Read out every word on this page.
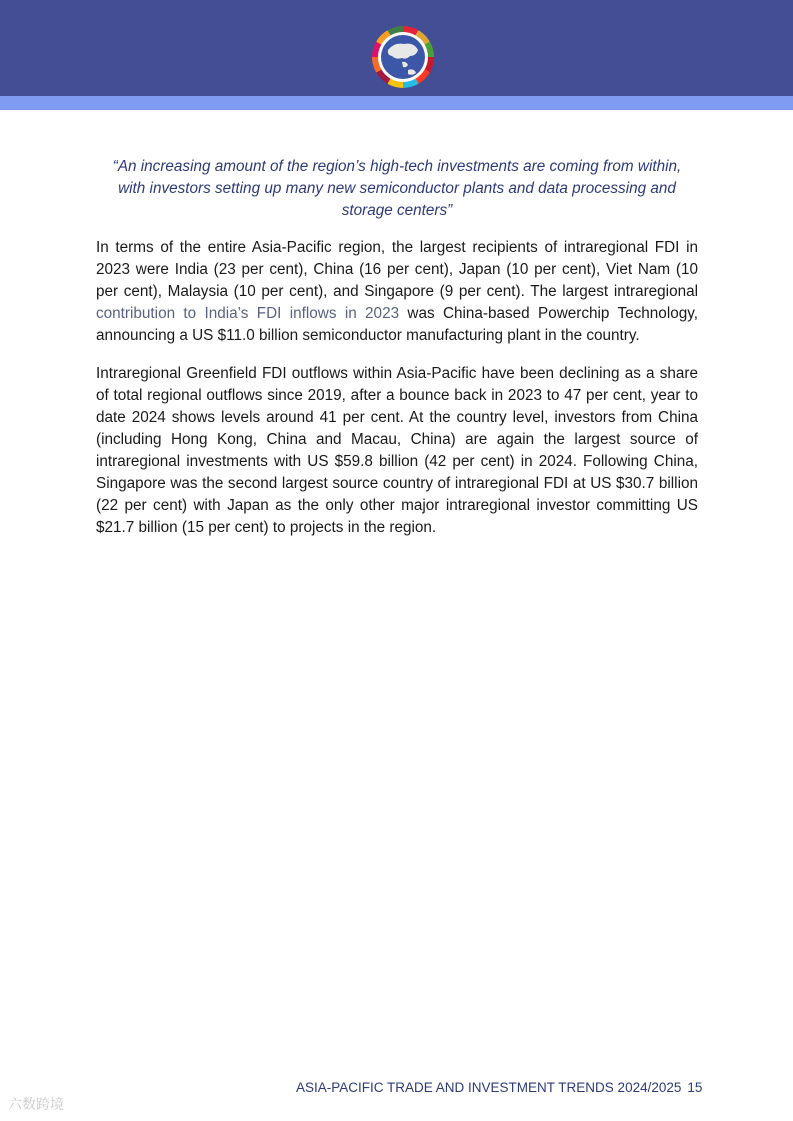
“An increasing amount of the region’s high-tech investments are coming from within, with investors setting up many new semiconductor plants and data processing and storage centers”
In terms of the entire Asia-Pacific region, the largest recipients of intraregional FDI in 2023 were India (23 per cent), China (16 per cent), Japan (10 per cent), Viet Nam (10 per cent), Malaysia (10 per cent), and Singapore (9 per cent). The largest intraregional contribution to India’s FDI inflows in 2023 was China-based Powerchip Technology, announcing a US $11.0 billion semiconductor manufacturing plant in the country.
Intraregional Greenfield FDI outflows within Asia-Pacific have been declining as a share of total regional outflows since 2019, after a bounce back in 2023 to 47 per cent, year to date 2024 shows levels around 41 per cent. At the country level, investors from China (including Hong Kong, China and Macau, China) are again the largest source of intraregional investments with US $59.8 billion (42 per cent) in 2024. Following China, Singapore was the second largest source country of intraregional FDI at US $30.7 billion (22 per cent) with Japan as the only other major intraregional investor committing US $21.7 billion (15 per cent) to projects in the region.
ASIA-PACIFIC TRADE AND INVESTMENT TRENDS 2024/2025 15
六数跨境
